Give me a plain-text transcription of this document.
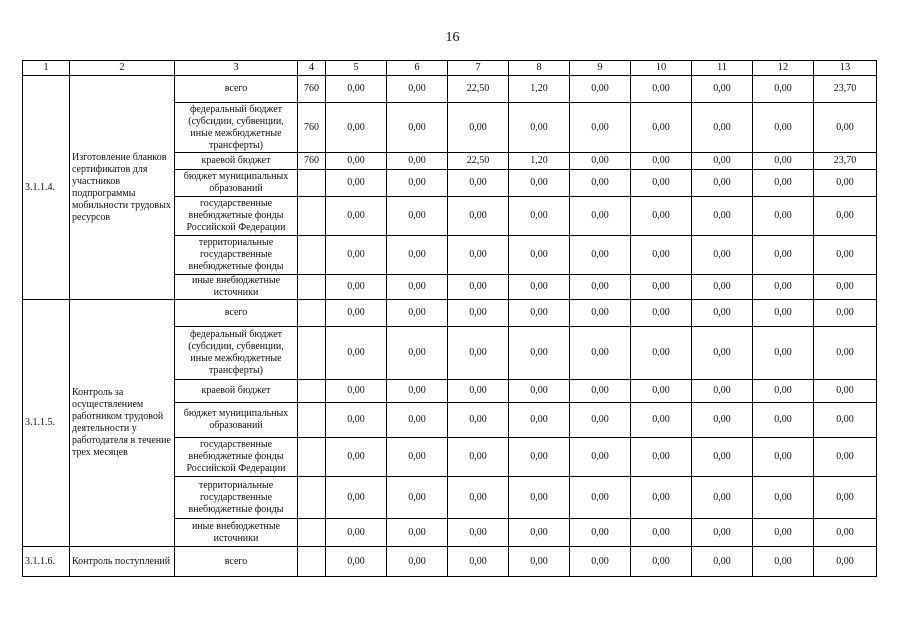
16
1	2	3	4	5	6	7	8	9	10	11	12	13
3.1.1.4.	Изготовление бланков сертификатов для участников подпрограммы мобильности трудовых ресурсов	всего	760	0,00	0,00	22,50	1,20	0,00	0,00	0,00	0,00	23,70
		федеральный бюджет (субсидии, субвенции, иные межбюджетные трансферты)	760	0,00	0,00	0,00	0,00	0,00	0,00	0,00	0,00	0,00
		краевой бюджет	760	0,00	0,00	22,50	1,20	0,00	0,00	0,00	0,00	23,70
		бюджет муниципальных образований		0,00	0,00	0,00	0,00	0,00	0,00	0,00	0,00	0,00
		государственные внебюджетные фонды Российской Федерации		0,00	0,00	0,00	0,00	0,00	0,00	0,00	0,00	0,00
		территориальные государственные внебюджетные фонды		0,00	0,00	0,00	0,00	0,00	0,00	0,00	0,00	0,00
		иные внебюджетные источники		0,00	0,00	0,00	0,00	0,00	0,00	0,00	0,00	0,00
3.1.1.5.	Контроль за осуществлением работником трудовой деятельности у работодателя в течение трех месяцев	всего		0,00	0,00	0,00	0,00	0,00	0,00	0,00	0,00	0,00
		федеральный бюджет (субсидии, субвенции, иные межбюджетные трансферты)		0,00	0,00	0,00	0,00	0,00	0,00	0,00	0,00	0,00
		краевой бюджет		0,00	0,00	0,00	0,00	0,00	0,00	0,00	0,00	0,00
		бюджет муниципальных образований		0,00	0,00	0,00	0,00	0,00	0,00	0,00	0,00	0,00
		государственные внебюджетные фонды Российской Федерации		0,00	0,00	0,00	0,00	0,00	0,00	0,00	0,00	0,00
		территориальные государственные внебюджетные фонды		0,00	0,00	0,00	0,00	0,00	0,00	0,00	0,00	0,00
		иные внебюджетные источники		0,00	0,00	0,00	0,00	0,00	0,00	0,00	0,00	0,00
3.1.1.6.	Контроль поступлений	всего		0,00	0,00	0,00	0,00	0,00	0,00	0,00	0,00	0,00
